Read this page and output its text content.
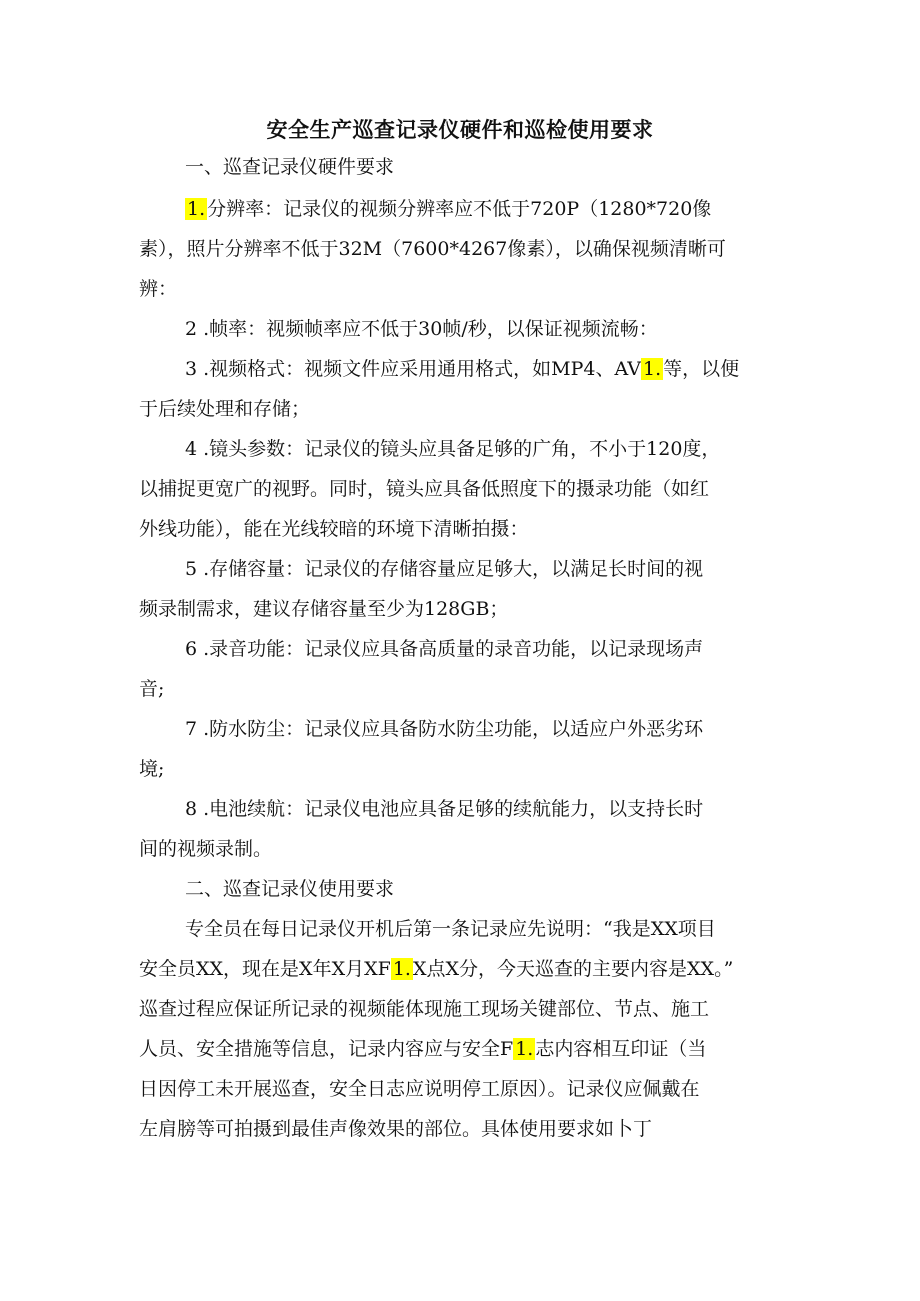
安全生产巡查记录仪硬件和巡检使用要求
一、巡查记录仪硬件要求
1. 分辨率：记录仪的视频分辨率应不低于720P（1280*720像
素），照片分辨率不低于32M（7600*4267像素），以确保视频清晰可
辨：
2 .帧率：视频帧率应不低于30帧/秒，以保证视频流畅：
3 .视频格式：视频文件应采用通用格式，如MP4、AV 1. 等，以便
于后续处理和存储；
4 .镜头参数：记录仪的镜头应具备足够的广角，不小于120度，
以捕捉更宽广的视野。同时，镜头应具备低照度下的摄录功能（如红
外线功能），能在光线较暗的环境下清晰拍摄：
5 .存储容量：记录仪的存储容量应足够大，以满足长时间的视
频录制需求，建议存储容量至少为128GB；
6 .录音功能：记录仪应具备高质量的录音功能，以记录现场声
音;
7 .防水防尘：记录仪应具备防水防尘功能，以适应户外恶劣环
境;
8 .电池续航：记录仪电池应具备足够的续航能力，以支持长时
间的视频录制。
二、巡查记录仪使用要求
专全员在每日记录仪开机后第一条记录应先说明：“我是XX项目
安全员XX，现在是X年X月XF 1. X点X分，今天巡查的主要内容是XX。”
巡查过程应保证所记录的视频能体现施工现场关键部位、节点、施工
人员、安全措施等信息，记录内容应与安全F 1. 志内容相互印证（当
日因停工未开展巡查，安全日志应说明停工原因）。记录仪应佩戴在
左肩膀等可拍摄到最佳声像效果的部位。具体使用要求如卜丁
